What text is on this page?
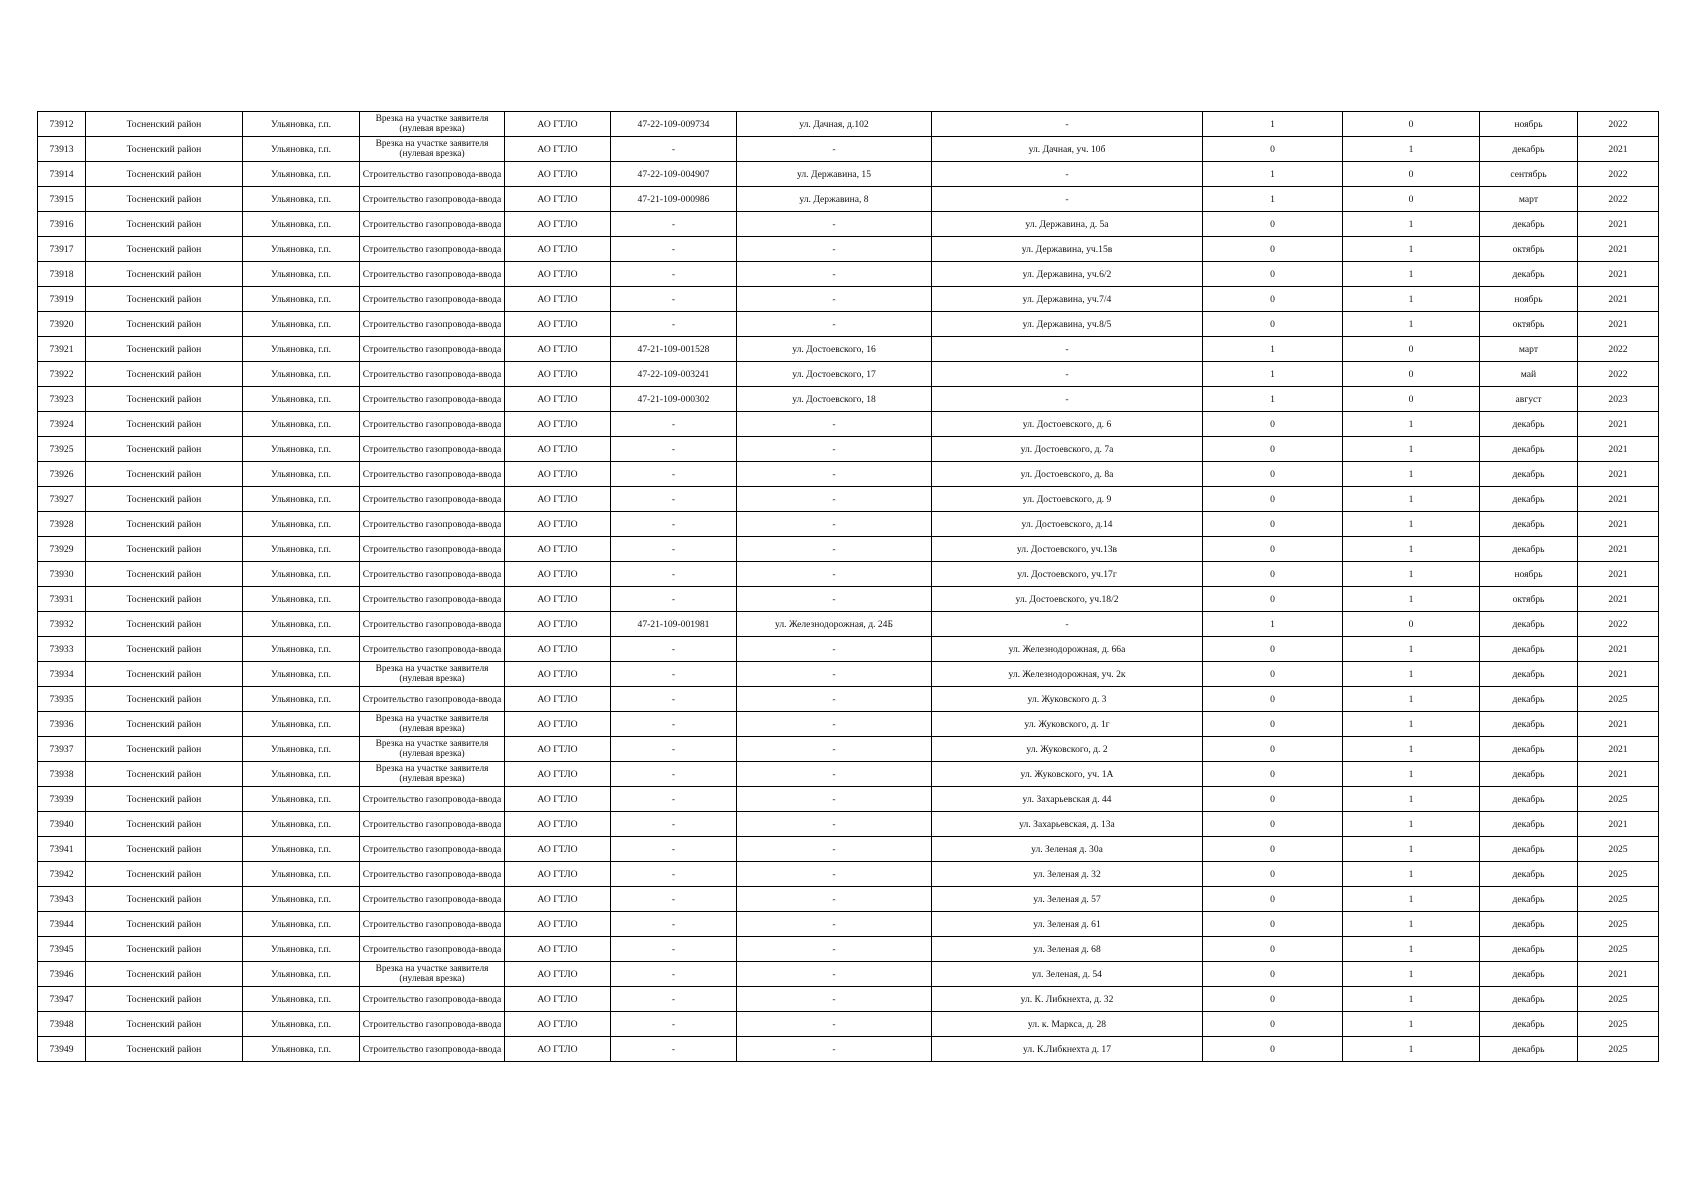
73912	Тосненский район	Ульяновка, г.п.	Врезка на участке заявителя (нулевая врезка)	АО ГТЛО	47-22-109-009734	ул. Дачная, д.102	-	1	0	ноябрь	2022
73913	Тосненский район	Ульяновка, г.п.	Врезка на участке заявителя (нулевая врезка)	АО ГТЛО	-	-	ул. Дачная, уч. 10б	0	1	декабрь	2021
73914	Тосненский район	Ульяновка, г.п.	Строительство газопровода-ввода	АО ГТЛО	47-22-109-004907	ул. Державина, 15	-	1	0	сентябрь	2022
73915	Тосненский район	Ульяновка, г.п.	Строительство газопровода-ввода	АО ГТЛО	47-21-109-000986	ул. Державина, 8	-	1	0	март	2022
73916	Тосненский район	Ульяновка, г.п.	Строительство газопровода-ввода	АО ГТЛО	-	-	ул. Державина, д. 5а	0	1	декабрь	2021
73917	Тосненский район	Ульяновка, г.п.	Строительство газопровода-ввода	АО ГТЛО	-	-	ул. Державина, уч.15в	0	1	октябрь	2021
73918	Тосненский район	Ульяновка, г.п.	Строительство газопровода-ввода	АО ГТЛО	-	-	ул. Державина, уч.6/2	0	1	декабрь	2021
73919	Тосненский район	Ульяновка, г.п.	Строительство газопровода-ввода	АО ГТЛО	-	-	ул. Державина, уч.7/4	0	1	ноябрь	2021
73920	Тосненский район	Ульяновка, г.п.	Строительство газопровода-ввода	АО ГТЛО	-	-	ул. Державина, уч.8/5	0	1	октябрь	2021
73921	Тосненский район	Ульяновка, г.п.	Строительство газопровода-ввода	АО ГТЛО	47-21-109-001528	ул. Достоевского, 16	-	1	0	март	2022
73922	Тосненский район	Ульяновка, г.п.	Строительство газопровода-ввода	АО ГТЛО	47-22-109-003241	ул. Достоевского, 17	-	1	0	май	2022
73923	Тосненский район	Ульяновка, г.п.	Строительство газопровода-ввода	АО ГТЛО	47-21-109-000302	ул. Достоевского, 18	-	1	0	август	2023
73924	Тосненский район	Ульяновка, г.п.	Строительство газопровода-ввода	АО ГТЛО	-	-	ул. Достоевского, д. 6	0	1	декабрь	2021
73925	Тосненский район	Ульяновка, г.п.	Строительство газопровода-ввода	АО ГТЛО	-	-	ул. Достоевского, д. 7а	0	1	декабрь	2021
73926	Тосненский район	Ульяновка, г.п.	Строительство газопровода-ввода	АО ГТЛО	-	-	ул. Достоевского, д. 8а	0	1	декабрь	2021
73927	Тосненский район	Ульяновка, г.п.	Строительство газопровода-ввода	АО ГТЛО	-	-	ул. Достоевского, д. 9	0	1	декабрь	2021
73928	Тосненский район	Ульяновка, г.п.	Строительство газопровода-ввода	АО ГТЛО	-	-	ул. Достоевского, д.14	0	1	декабрь	2021
73929	Тосненский район	Ульяновка, г.п.	Строительство газопровода-ввода	АО ГТЛО	-	-	ул. Достоевского, уч.13в	0	1	декабрь	2021
73930	Тосненский район	Ульяновка, г.п.	Строительство газопровода-ввода	АО ГТЛО	-	-	ул. Достоевского, уч.17г	0	1	ноябрь	2021
73931	Тосненский район	Ульяновка, г.п.	Строительство газопровода-ввода	АО ГТЛО	-	-	ул. Достоевского, уч.18/2	0	1	октябрь	2021
73932	Тосненский район	Ульяновка, г.п.	Строительство газопровода-ввода	АО ГТЛО	47-21-109-001981	ул. Железнодорожная, д. 24Б	-	1	0	декабрь	2022
73933	Тосненский район	Ульяновка, г.п.	Строительство газопровода-ввода	АО ГТЛО	-	-	ул. Железнодорожная, д. 66а	0	1	декабрь	2021
73934	Тосненский район	Ульяновка, г.п.	Врезка на участке заявителя (нулевая врезка)	АО ГТЛО	-	-	ул. Железнодорожная, уч. 2к	0	1	декабрь	2021
73935	Тосненский район	Ульяновка, г.п.	Строительство газопровода-ввода	АО ГТЛО	-	-	ул. Жуковского д. 3	0	1	декабрь	2025
73936	Тосненский район	Ульяновка, г.п.	Врезка на участке заявителя (нулевая врезка)	АО ГТЛО	-	-	ул. Жуковского, д. 1г	0	1	декабрь	2021
73937	Тосненский район	Ульяновка, г.п.	Врезка на участке заявителя (нулевая врезка)	АО ГТЛО	-	-	ул. Жуковского, д. 2	0	1	декабрь	2021
73938	Тосненский район	Ульяновка, г.п.	Врезка на участке заявителя (нулевая врезка)	АО ГТЛО	-	-	ул. Жуковского, уч. 1А	0	1	декабрь	2021
73939	Тосненский район	Ульяновка, г.п.	Строительство газопровода-ввода	АО ГТЛО	-	-	ул. Захарьевская д. 44	0	1	декабрь	2025
73940	Тосненский район	Ульяновка, г.п.	Строительство газопровода-ввода	АО ГТЛО	-	-	ул. Захарьевская, д. 13а	0	1	декабрь	2021
73941	Тосненский район	Ульяновка, г.п.	Строительство газопровода-ввода	АО ГТЛО	-	-	ул. Зеленая д. 30а	0	1	декабрь	2025
73942	Тосненский район	Ульяновка, г.п.	Строительство газопровода-ввода	АО ГТЛО	-	-	ул. Зеленая д. 32	0	1	декабрь	2025
73943	Тосненский район	Ульяновка, г.п.	Строительство газопровода-ввода	АО ГТЛО	-	-	ул. Зеленая д. 57	0	1	декабрь	2025
73944	Тосненский район	Ульяновка, г.п.	Строительство газопровода-ввода	АО ГТЛО	-	-	ул. Зеленая д. 61	0	1	декабрь	2025
73945	Тосненский район	Ульяновка, г.п.	Строительство газопровода-ввода	АО ГТЛО	-	-	ул. Зеленая д. 68	0	1	декабрь	2025
73946	Тосненский район	Ульяновка, г.п.	Врезка на участке заявителя (нулевая врезка)	АО ГТЛО	-	-	ул. Зеленая, д. 54	0	1	декабрь	2021
73947	Тосненский район	Ульяновка, г.п.	Строительство газопровода-ввода	АО ГТЛО	-	-	ул. К. Либкнехта, д. 32	0	1	декабрь	2025
73948	Тосненский район	Ульяновка, г.п.	Строительство газопровода-ввода	АО ГТЛО	-	-	ул. к. Маркса, д. 28	0	1	декабрь	2025
73949	Тосненский район	Ульяновка, г.п.	Строительство газопровода-ввода	АО ГТЛО	-	-	ул. К.Либкнехта д. 17	0	1	декабрь	2025
